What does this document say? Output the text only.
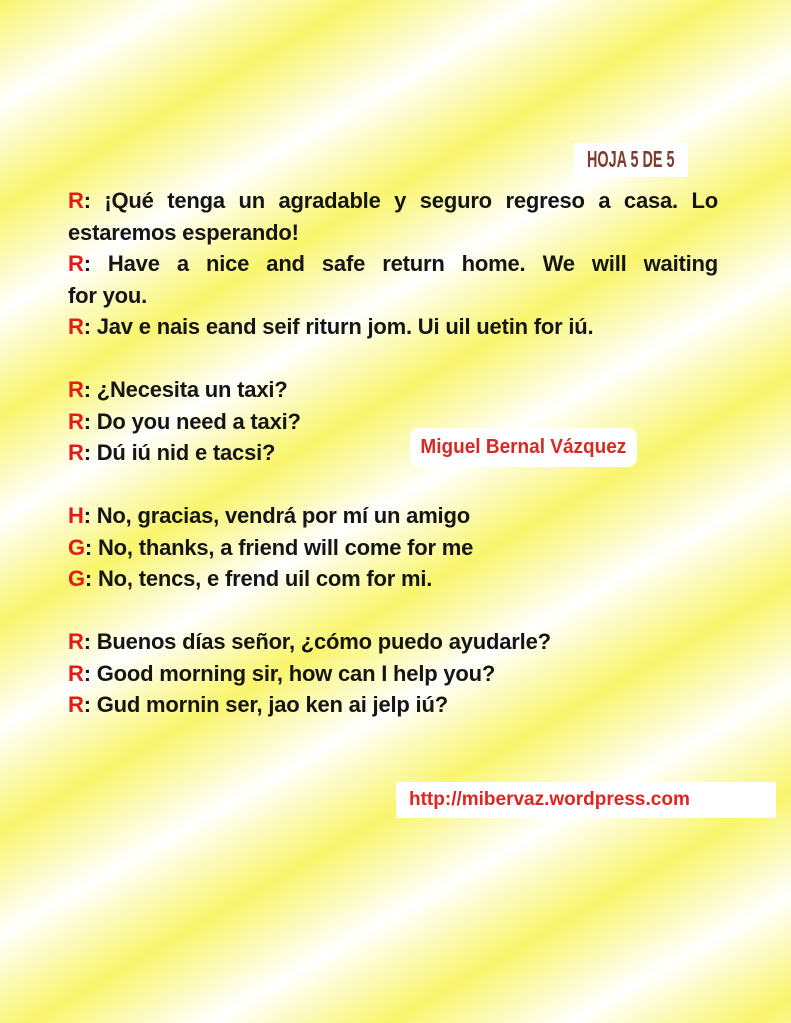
HOJA 5 DE 5
R: ¡Qué tenga un agradable y seguro regreso a casa. Lo
estaremos esperando!
R: Have a nice and safe return home. We will waiting
for you.
R: Jav e nais eand seif riturn jom. Ui uil uetin for iú.
R: ¿Necesita un taxi?
R: Do you need a taxi?
R: Dú iú nid e tacsi?
H: No, gracias, vendrá por mí un amigo
G: No, thanks, a friend will come for me
G: No, tencs, e frend uil com for mi.
R: Buenos días señor, ¿cómo puedo ayudarle?
R: Good morning sir, how can I help you?
R: Gud mornin ser, jao ken ai jelp iú?
Miguel Bernal Vázquez
http://mibervaz.wordpress.com
